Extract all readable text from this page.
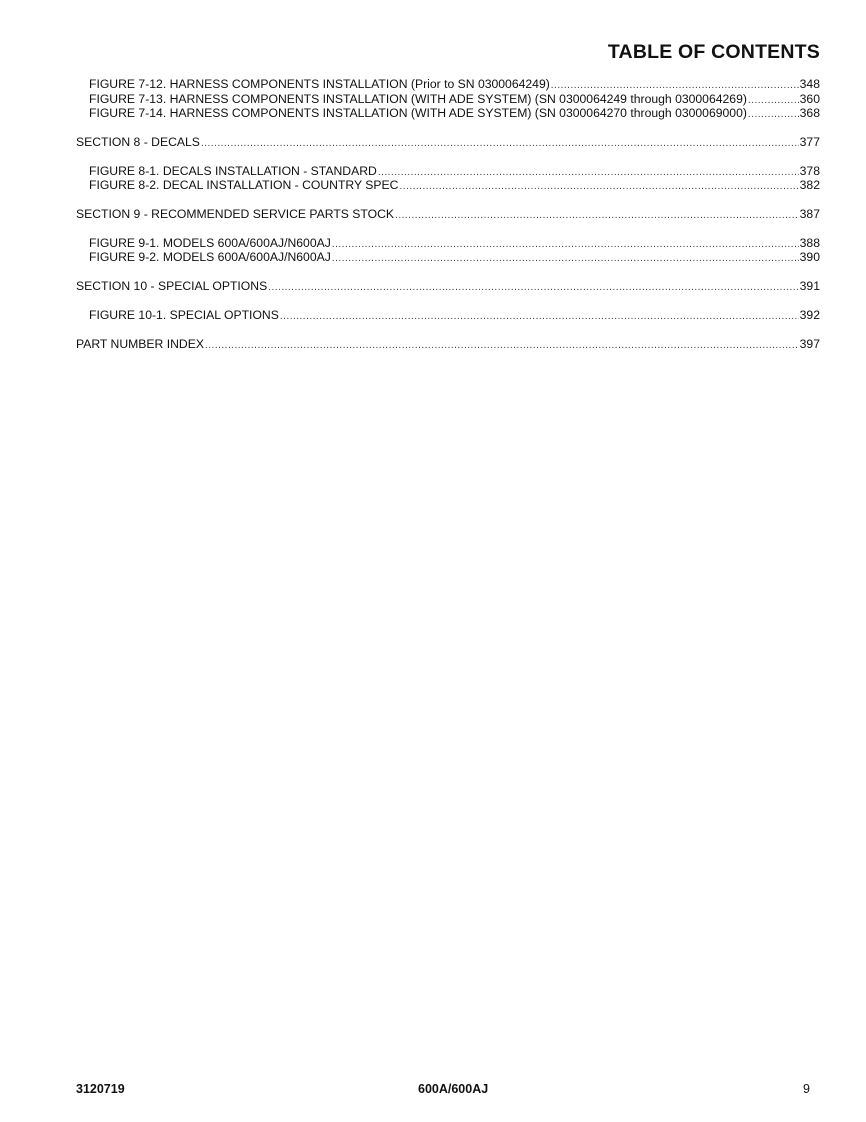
TABLE OF CONTENTS
FIGURE 7-12. HARNESS COMPONENTS INSTALLATION (Prior to SN 0300064249) .....	348
FIGURE 7-13. HARNESS COMPONENTS INSTALLATION (WITH ADE SYSTEM) (SN 0300064249 through 0300064269) .....	360
FIGURE 7-14. HARNESS COMPONENTS INSTALLATION (WITH ADE SYSTEM) (SN 0300064270 through 0300069000) .....	368
SECTION 8 - DECALS .....	377
FIGURE 8-1. DECALS INSTALLATION - STANDARD .....	378
FIGURE 8-2. DECAL INSTALLATION - COUNTRY SPEC .....	382
SECTION 9 - RECOMMENDED SERVICE PARTS STOCK .....	387
FIGURE 9-1. MODELS 600A/600AJ/N600AJ .....	388
FIGURE 9-2. MODELS 600A/600AJ/N600AJ .....	390
SECTION 10 - SPECIAL OPTIONS .....	391
FIGURE 10-1. SPECIAL OPTIONS .....	392
PART NUMBER INDEX .....	397
3120719	600A/600AJ	9
